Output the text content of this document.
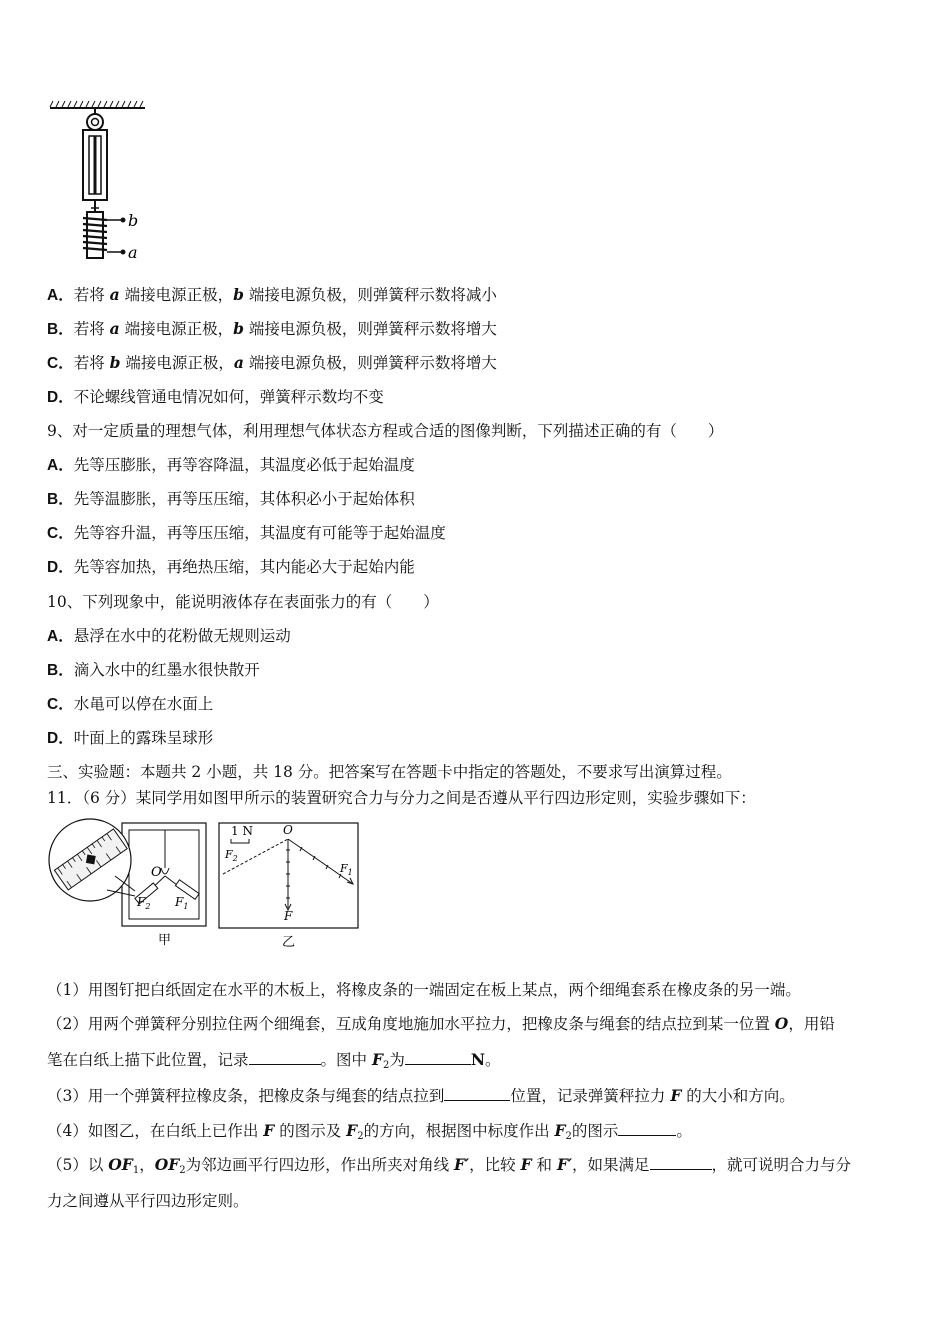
b
a
A．若将 a 端接电源正极，b 端接电源负极，则弹簧秤示数将减小
B．若将 a 端接电源正极，b 端接电源负极，则弹簧秤示数将增大
C．若将 b 端接电源正极，a 端接电源负极，则弹簧秤示数将增大
D．不论螺线管通电情况如何，弹簧秤示数均不变
9、对一定质量的理想气体，利用理想气体状态方程或合适的图像判断，下列描述正确的有（　　）
A．先等压膨胀，再等容降温，其温度必低于起始温度
B．先等温膨胀，再等压压缩，其体积必小于起始体积
C．先等容升温，再等压压缩，其温度有可能等于起始温度
D．先等容加热，再绝热压缩，其内能必大于起始内能
10、下列现象中，能说明液体存在表面张力的有（　　）
A．悬浮在水中的花粉做无规则运动
B．滴入水中的红墨水很快散开
C．水黾可以停在水面上
D．叶面上的露珠呈球形
三、实验题：本题共 2 小题，共 18 分。把答案写在答题卡中指定的答题处，不要求写出演算过程。
11．（6 分）某同学用如图甲所示的装置研究合力与分力之间是否遵从平行四边形定则，实验步骤如下：
O
$F_2$ $F_1$
甲
1 N
$F_2$
O
F
$F_1$
乙
（1）用图钉把白纸固定在水平的木板上，将橡皮条的一端固定在板上某点，两个细绳套系在橡皮条的另一端。
（2）用两个弹簧秤分别拉住两个细绳套，互成角度地施加水平拉力，把橡皮条与绳套的结点拉到某一位置 O，用铅
笔在白纸上描下此位置，记录	。图中 $F_2$为	N。
（3）用一个弹簧秤拉橡皮条，把橡皮条与绳套的结点拉到	位置，记录弹簧秤拉力 F 的大小和方向。
（4）如图乙，在白纸上已作出 F 的图示及 $F_2$的方向，根据图中标度作出 $F_2$的图示	。
（5）以 $OF_1$，$OF_2$为邻边画平行四边形，作出所夹对角线 F′，比较 F 和 F′，如果满足	，就可说明合力与分
力之间遵从平行四边形定则。
